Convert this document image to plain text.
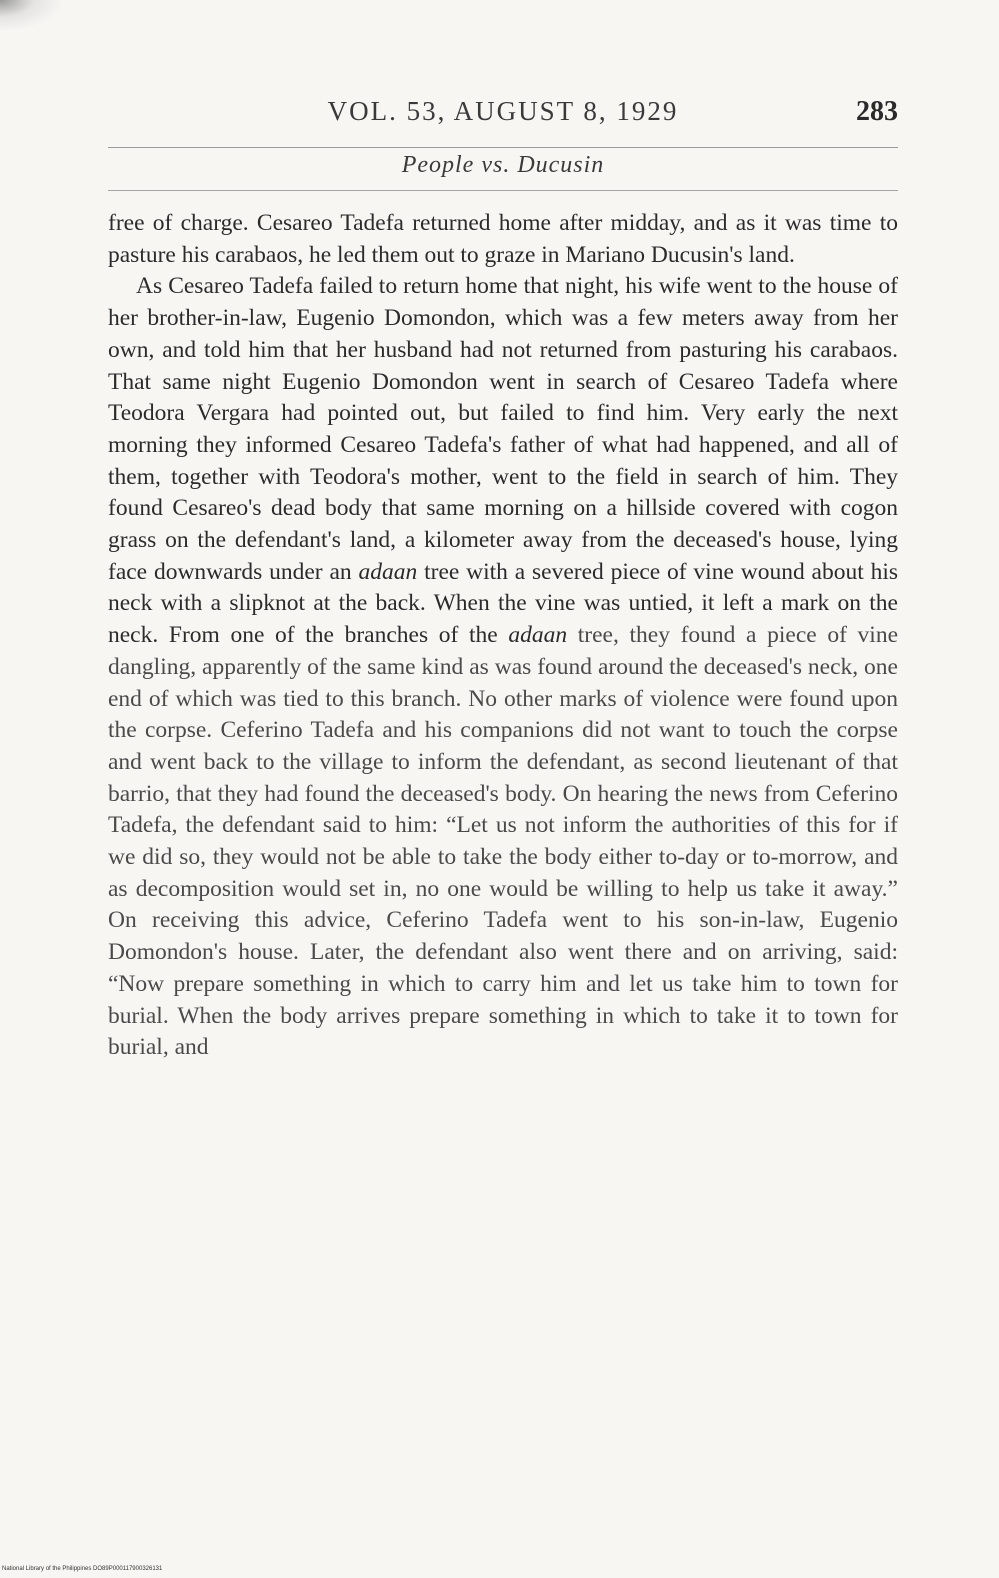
VOL. 53, AUGUST 8, 1929	283
People vs. Ducusin

free of charge. Cesareo Tadefa returned home after midday, and as it was time to pasture his carabaos, he led them out to graze in Mariano Ducusin's land.

As Cesareo Tadefa failed to return home that night, his wife went to the house of her brother-in-law, Eugenio Domondon, which was a few meters away from her own, and told him that her husband had not returned from pasturing his carabaos. That same night Eugenio Domondon went in search of Cesareo Tadefa where Teodora Vergara had pointed out, but failed to find him. Very early the next morning they informed Cesareo Tadefa's father of what had happened, and all of them, together with Teodora's mother, went to the field in search of him. They found Cesareo's dead body that same morning on a hillside covered with cogon grass on the defendant's land, a kilometer away from the deceased's house, lying face downwards under an adaan tree with a severed piece of vine wound about his neck with a slipknot at the back. When the vine was untied, it left a mark on the neck. From one of the branches of the adaan tree, they found a piece of vine dangling, apparently of the same kind as was found around the deceased's neck, one end of which was tied to this branch. No other marks of violence were found upon the corpse. Ceferino Tadefa and his companions did not want to touch the corpse and went back to the village to inform the defendant, as second lieutenant of that barrio, that they had found the deceased's body. On hearing the news from Ceferino Tadefa, the defendant said to him: “Let us not inform the authorities of this for if we did so, they would not be able to take the body either to-day or to-morrow, and as decomposition would set in, no one would be willing to help us take it away.” On receiving this advice, Ceferino Tadefa went to his son-in-law, Eugenio Domondon's house. Later, the defendant also went there and on arriving, said: “Now prepare something in which to carry him and let us take him to town for burial. When the body arrives prepare something in which to take it to town for burial, and

National Library of the Philippines DO89P000117900326131
